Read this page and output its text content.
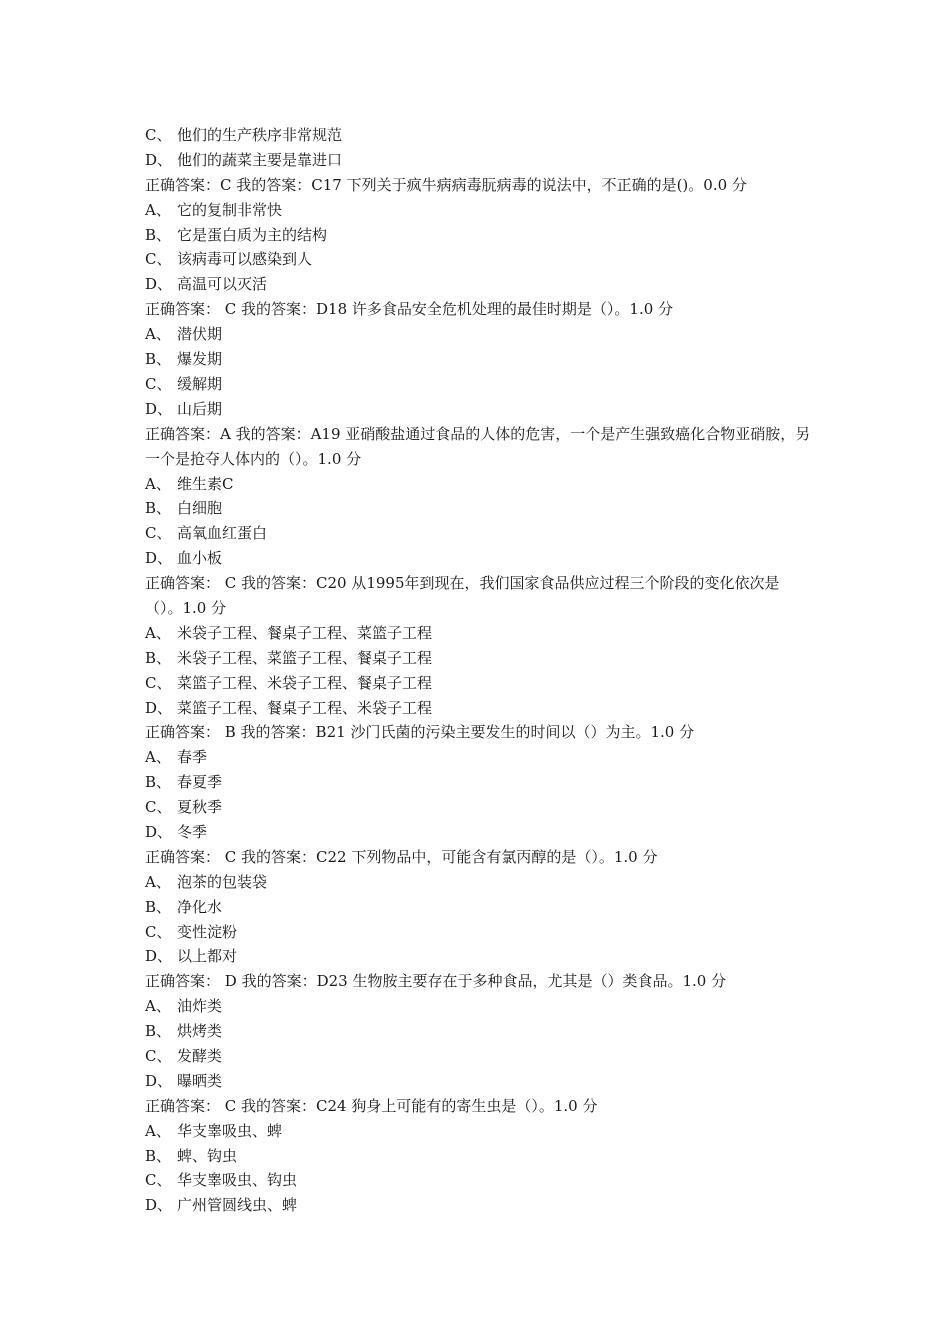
C、 他们的生产秩序非常规范
D、 他们的蔬菜主要是靠进口
正确答案：C 我的答案：C17 下列关于疯牛病病毒朊病毒的说法中，不正确的是()。0.0 分
A、 它的复制非常快
B、 它是蛋白质为主的结构
C、 该病毒可以感染到人
D、 高温可以灭活
正确答案： C 我的答案：D18 许多食品安全危机处理的最佳时期是（）。1.0 分
A、 潜伏期
B、 爆发期
C、 缓解期
D、 山后期
正确答案：A 我的答案：A19 亚硝酸盐通过食品的人体的危害，一个是产生强致癌化合物亚硝胺，另一个是抢夺人体内的（）。1.0 分
A、 维生素C
B、 白细胞
C、 高氧血红蛋白
D、 血小板
正确答案： C 我的答案：C20 从1995年到现在，我们国家食品供应过程三个阶段的变化依次是（）。1.0 分
A、 米袋子工程、餐桌子工程、菜篮子工程
B、 米袋子工程、菜篮子工程、餐桌子工程
C、 菜篮子工程、米袋子工程、餐桌子工程
D、 菜篮子工程、餐桌子工程、米袋子工程
正确答案： B 我的答案：B21 沙门氏菌的污染主要发生的时间以（）为主。1.0 分
A、 春季
B、 春夏季
C、 夏秋季
D、 冬季
正确答案： C 我的答案：C22 下列物品中，可能含有氯丙醇的是（）。1.0 分
A、 泡茶的包装袋
B、 净化水
C、 变性淀粉
D、 以上都对
正确答案： D 我的答案：D23 生物胺主要存在于多种食品，尤其是（）类食品。1.0 分
A、 油炸类
B、 烘烤类
C、 发酵类
D、 曝晒类
正确答案： C 我的答案：C24 狗身上可能有的寄生虫是（）。1.0 分
A、 华支睾吸虫、蜱
B、 蜱、钩虫
C、 华支睾吸虫、钩虫
D、 广州管圆线虫、蜱
